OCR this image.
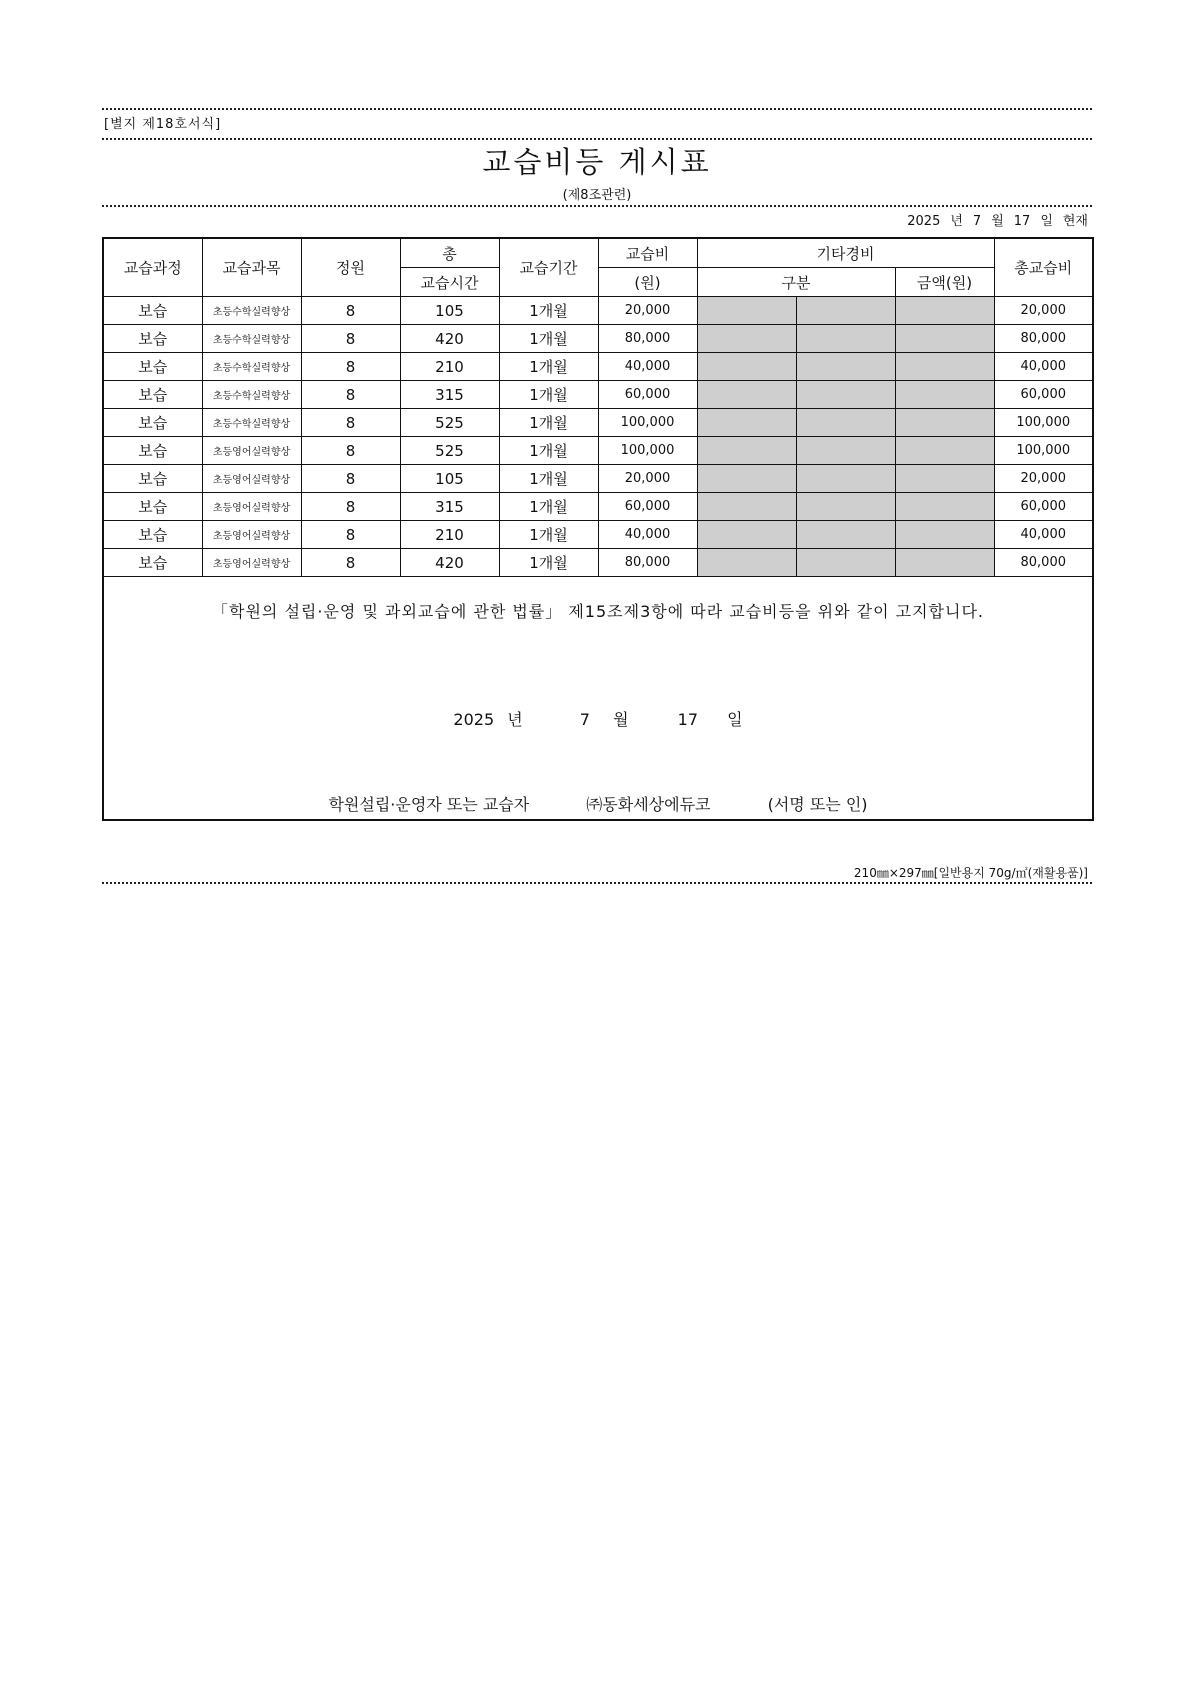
[별지 제18호서식]
교습비등 게시표
(제8조관련)
2025 년 7 월 17 일 현재
교습과정	교습과목	정원	총	교습기간	교습비	기타경비			총교습비
			교습시간		(원)	구분		금액(원)	
보습	초등수학실력향상	8	105	1개월	20,000				20,000
보습	초등수학실력향상	8	420	1개월	80,000				80,000
보습	초등수학실력향상	8	210	1개월	40,000				40,000
보습	초등수학실력향상	8	315	1개월	60,000				60,000
보습	초등수학실력향상	8	525	1개월	100,000				100,000
보습	초등영어실력향상	8	525	1개월	100,000				100,000
보습	초등영어실력향상	8	105	1개월	20,000				20,000
보습	초등영어실력향상	8	315	1개월	60,000				60,000
보습	초등영어실력향상	8	210	1개월	40,000				40,000
보습	초등영어실력향상	8	420	1개월	80,000				80,000

「학원의 설립·운영 및 과외교습에 관한 법률」 제15조제3항에 따라 교습비등을 위와 같이 고지합니다.
2025 년 7 월 17 일
학원설립·운영자 또는 교습자 ㈜동화세상에듀코 (서명 또는 인)									
210㎜×297㎜[일반용지 70g/㎡(재활용품)]
